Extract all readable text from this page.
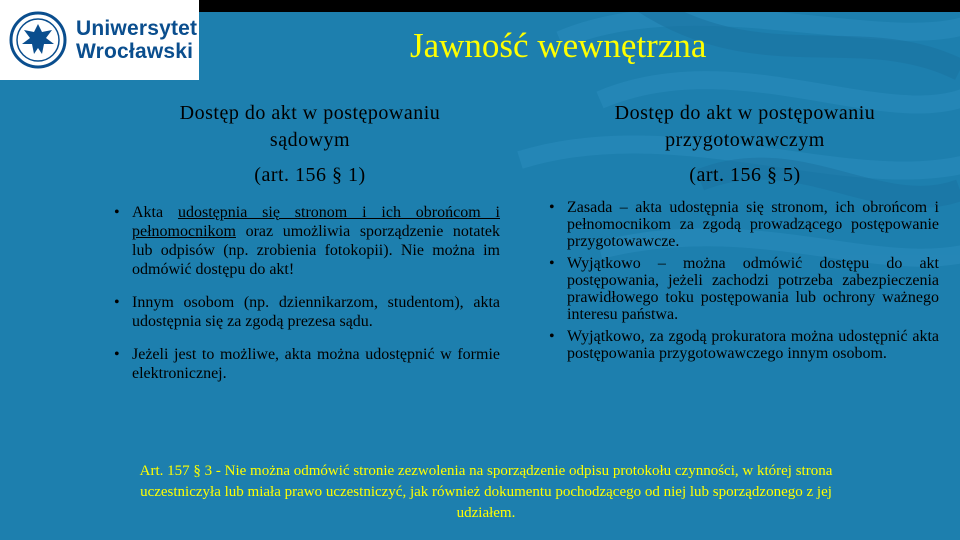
Uniwersytet
Wrocławski	Jawność wewnętrzna
Dostęp do akt w postępowaniu
sądowym
(art. 156 § 1)
• Akta udostępnia się stronom i ich obrońcom i pełnomocnikom oraz umożliwia sporządzenie notatek lub odpisów (np. zrobienia fotokopii). Nie można im odmówić dostępu do akt!
• Innym osobom (np. dziennikarzom, studentom), akta udostępnia się za zgodą prezesa sądu.
• Jeżeli jest to możliwe, akta można udostępnić w formie elektronicznej.
Dostęp do akt w postępowaniu
przygotowawczym
(art. 156 § 5)
• Zasada – akta udostępnia się stronom, ich obrońcom i pełnomocnikom za zgodą prowadzącego postępowanie przygotowawcze.
• Wyjątkowo – można odmówić dostępu do akt postępowania, jeżeli zachodzi potrzeba zabezpieczenia prawidłowego toku postępowania lub ochrony ważnego interesu państwa.
• Wyjątkowo, za zgodą prokuratora można udostępnić akta postępowania przygotowawczego innym osobom.
Art. 157 § 3 - Nie można odmówić stronie zezwolenia na sporządzenie odpisu protokołu czynności, w której strona uczestniczyła lub miała prawo uczestniczyć, jak również dokumentu pochodzącego od niej lub sporządzonego z jej udziałem.
